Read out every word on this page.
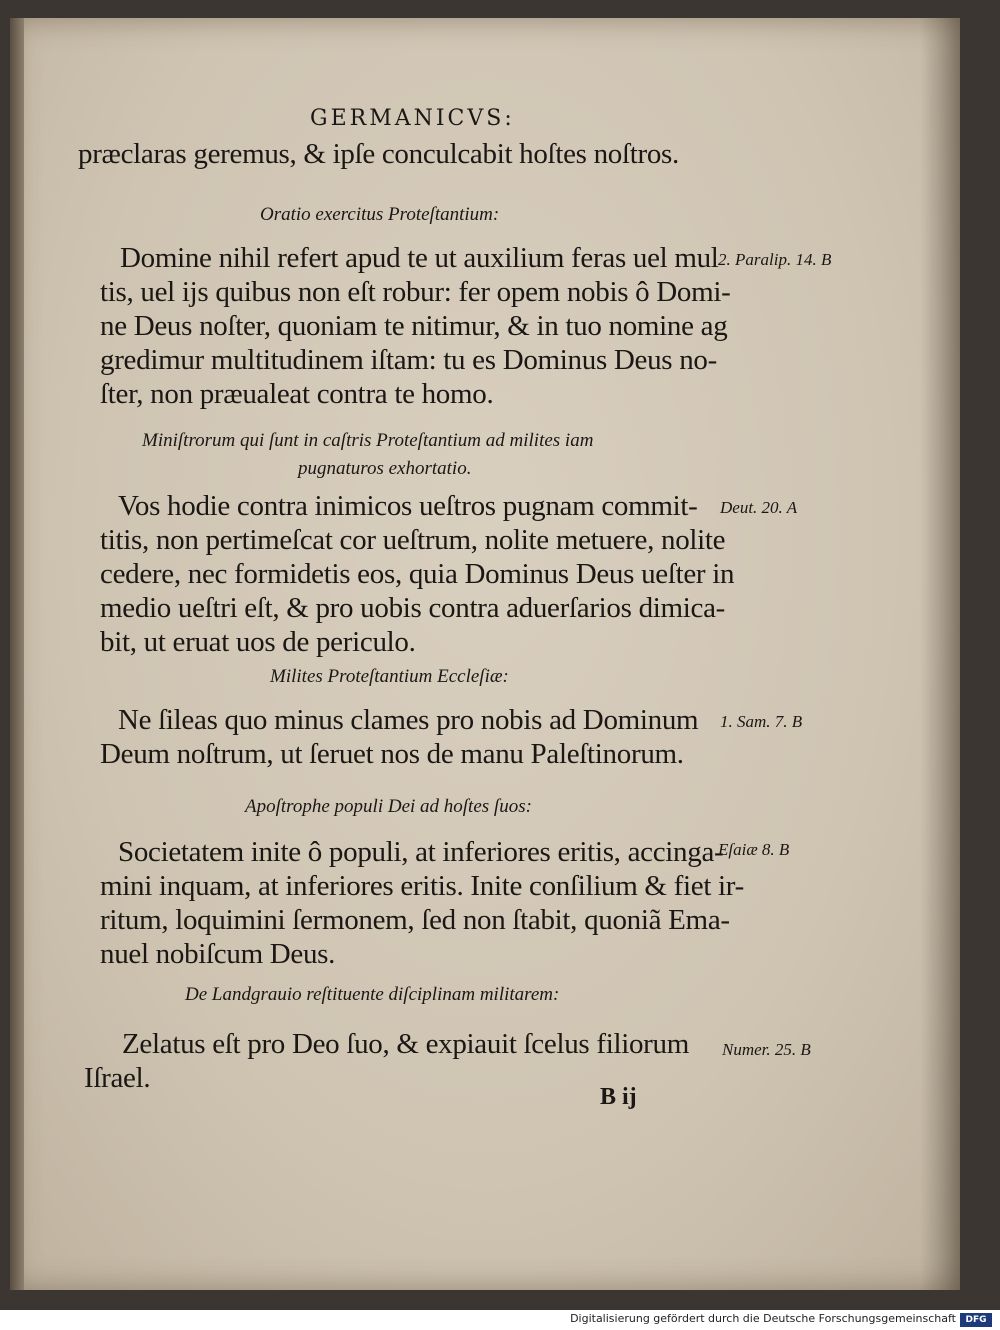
GERMANICVS:
præclaras geremus, & ipſe conculcabit hoſtes noſtros.
Oratio exercitus Proteſtantium:
Domine nihil refert apud te ut auxilium feras uel mul
tis, uel ijs quibus non eſt robur: fer opem nobis ô Domi-
ne Deus noſter, quoniam te nitimur, & in tuo nomine ag
gredimur multitudinem iſtam: tu es Dominus Deus no-
ſter, non præualeat contra te homo.
2. Paralip. 14. B
Miniſtrorum qui ſunt in caſtris Proteſtantium ad milites iam
pugnaturos exhortatio.
Vos hodie contra inimicos ueſtros pugnam commit-
titis, non pertimeſcat cor ueſtrum, nolite metuere, nolite
cedere, nec formidetis eos, quia Dominus Deus ueſter in
medio ueſtri eſt, & pro uobis contra aduerſarios dimica-
bit, ut eruat uos de periculo.
Deut. 20. A
Milites Proteſtantium Eccleſiæ:
Ne ſileas quo minus clames pro nobis ad Dominum
Deum noſtrum, ut ſeruet nos de manu Paleſtinorum.
1. Sam. 7. B
Apoſtrophe populi Dei ad hoſtes ſuos:
Societatem inite ô populi, at inferiores eritis, accinga-
mini inquam, at inferiores eritis. Inite conſilium & fiet ir-
ritum, loquimini ſermonem, ſed non ſtabit, quoniã Ema-
nuel nobiſcum Deus.
Eſaiæ 8. B
De Landgrauio reſtituente diſciplinam militarem:
Zelatus eſt pro Deo ſuo, & expiauit ſcelus filiorum
Iſrael.
Numer. 25. B
B ij
Digitalisierung gefördert durch die Deutsche Forschungsgemeinschaft	DFG
